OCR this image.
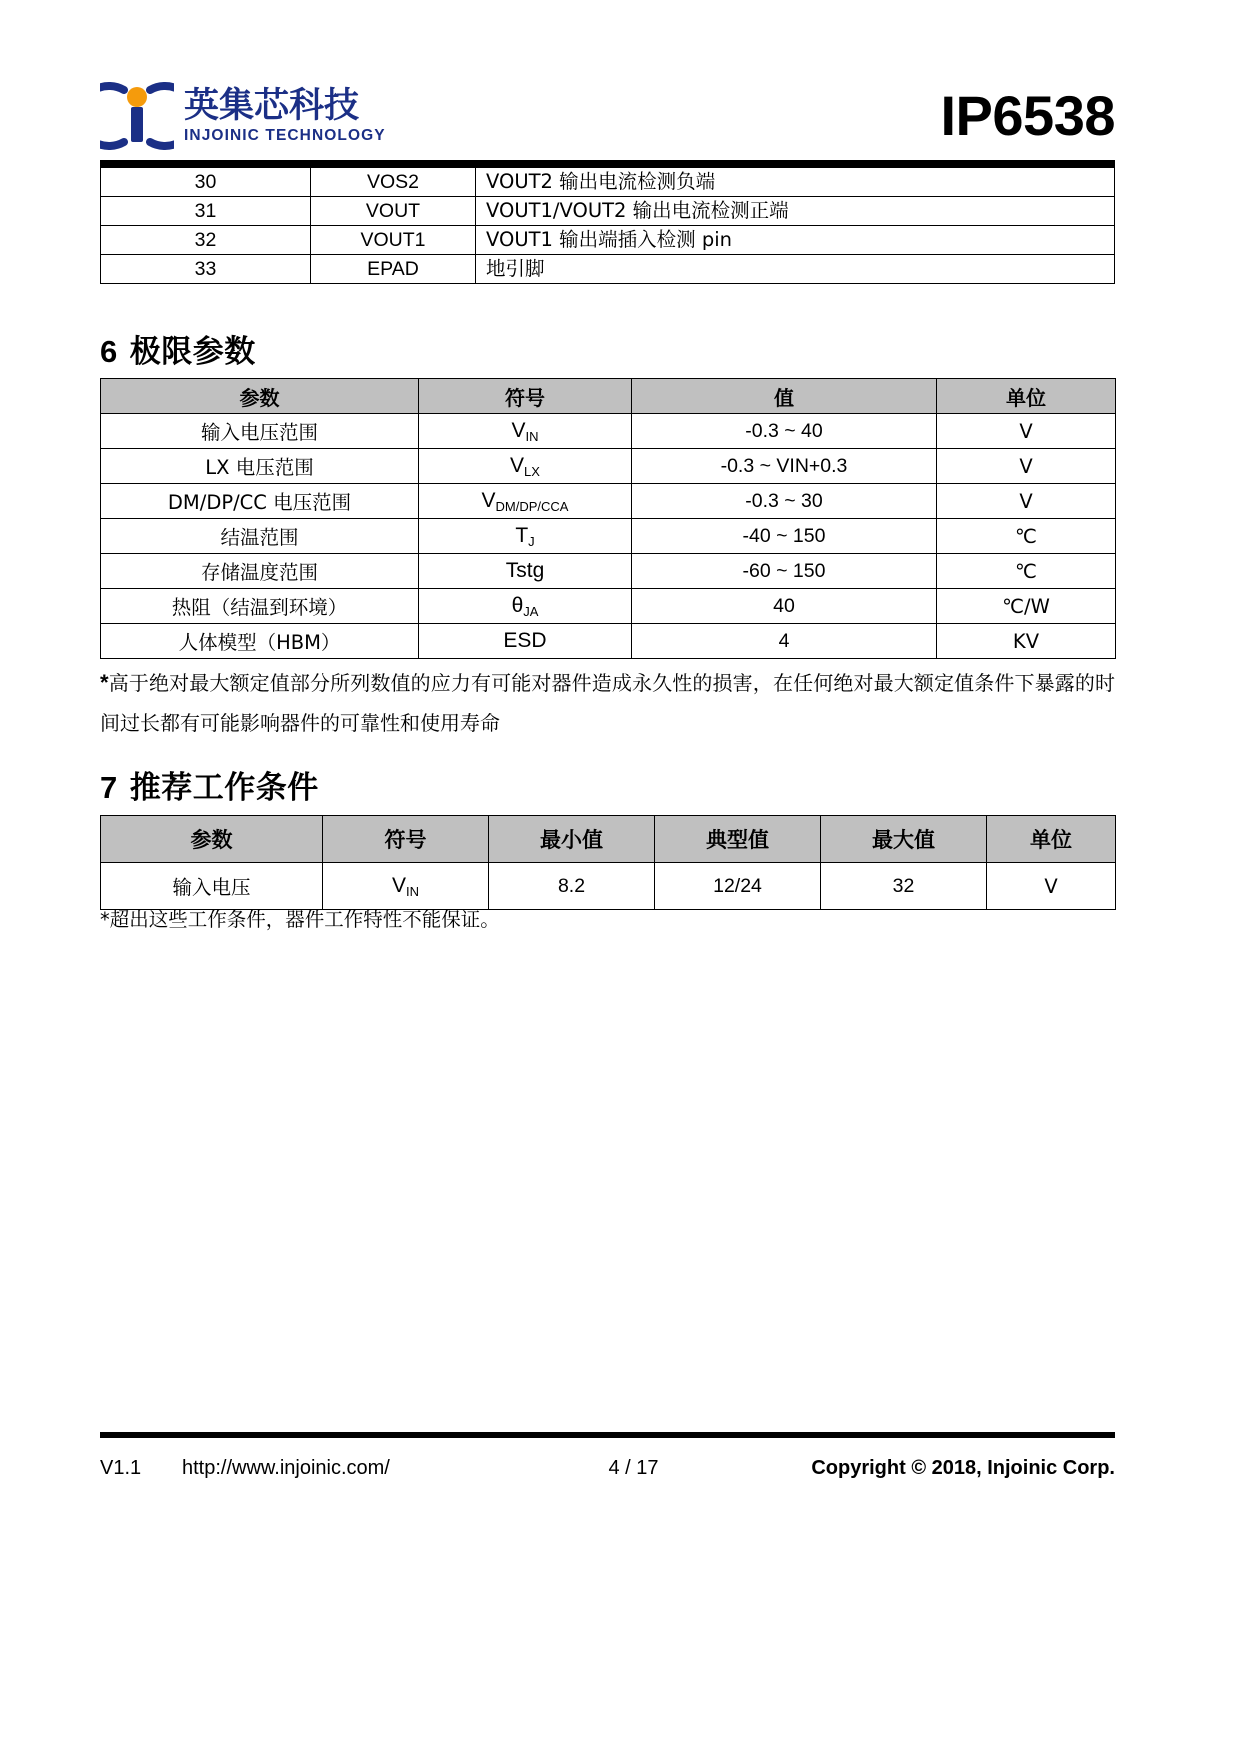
英集芯科技
INJOINIC TECHNOLOGY	IP6538
30	VOS2	VOUT2 输出电流检测负端
31	VOUT	VOUT1/VOUT2 输出电流检测正端
32	VOUT1	VOUT1 输出端插入检测 pin
33	EPAD	地引脚
6 极限参数
参数	符号	值	单位
输入电压范围	$V_{IN}$	-0.3 ~ 40	V
LX 电压范围	$V_{LX}$	-0.3 ~ VIN+0.3	V
DM/DP/CC 电压范围	$V_{DM/DP/CCA}$	-0.3 ~ 30	V
结温范围	$T_J$	-40 ~ 150	℃
存储温度范围	Tstg	-60 ~ 150	℃
热阻（结温到环境）	$\theta_{JA}$	40	℃/W
人体模型（HBM）	ESD	4	KV
*高于绝对最大额定值部分所列数值的应力有可能对器件造成永久性的损害，在任何绝对最大额定值条件下暴露的时间过长都有可能影响器件的可靠性和使用寿命
7 推荐工作条件
参数	符号	最小值	典型值	最大值	单位
输入电压	$V_{IN}$	8.2	12/24	32	V
*超出这些工作条件，器件工作特性不能保证。
V1.1	http://www.injoinic.com/	4 / 17	Copyright © 2018, Injoinic Corp.
